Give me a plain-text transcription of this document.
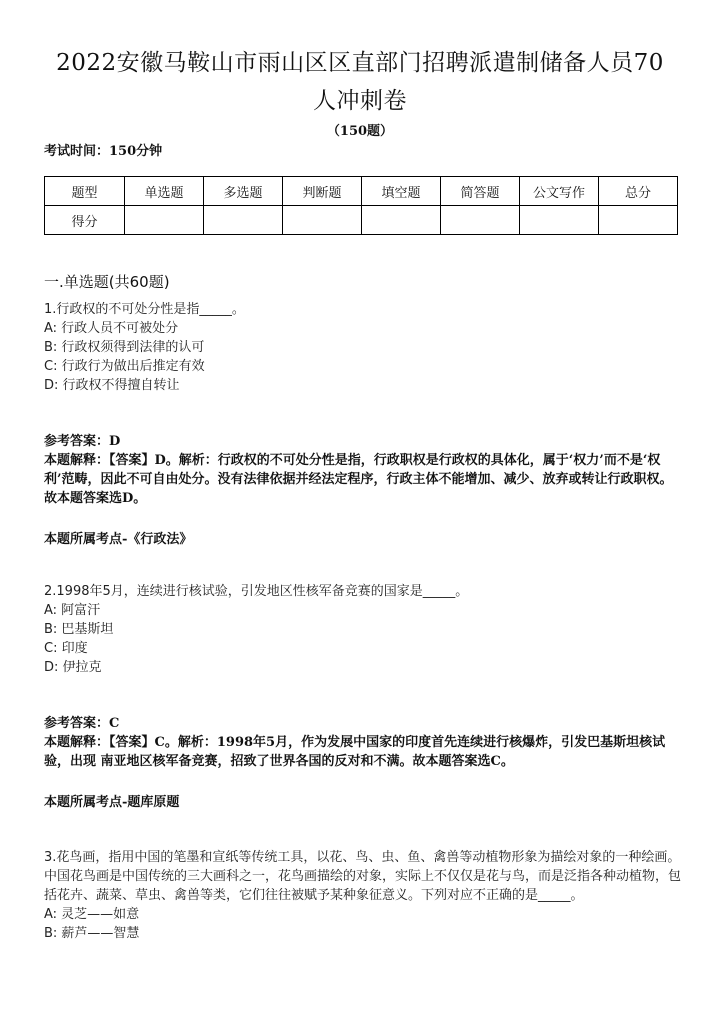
2022安徽马鞍山市雨山区区直部门招聘派遣制储备人员70
人冲刺卷
（150题）
考试时间：150分钟
题型	单选题	多选题	判断题	填空题	简答题	公文写作	总分
得分							
一.单选题(共60题)
1.行政权的不可处分性是指_____。
A: 行政人员不可被处分
B: 行政权须得到法律的认可
C: 行政行为做出后推定有效
D: 行政权不得擅自转让
参考答案：D
本题解释：【答案】D。解析：行政权的不可处分性是指，行政职权是行政权的具体化，属于‘权力’而不是‘权利’范畴，因此不可自由处分。没有法律依据并经法定程序，行政主体不能增加、减少、放弃或转让行政职权。故本题答案选D。
本题所属考点-《行政法》
2.1998年5月，连续进行核试验，引发地区性核军备竞赛的国家是_____。
A: 阿富汗
B: 巴基斯坦
C: 印度
D: 伊拉克
参考答案：C
本题解释：【答案】C。解析：1998年5月，作为发展中国家的印度首先连续进行核爆炸，引发巴基斯坦核试验，出现 南亚地区核军备竞赛，招致了世界各国的反对和不满。故本题答案选C。
本题所属考点-题库原题
3.花鸟画，指用中国的笔墨和宣纸等传统工具，以花、鸟、虫、鱼、禽兽等动植物形象为描绘对象的一种绘画。中国花鸟画是中国传统的三大画科之一，花鸟画描绘的对象，实际上不仅仅是花与鸟，而是泛指各种动植物，包括花卉、蔬菜、草虫、禽兽等类，它们往往被赋予某种象征意义。下列对应不正确的是_____。
A: 灵芝——如意
B: 薪芦——智慧
